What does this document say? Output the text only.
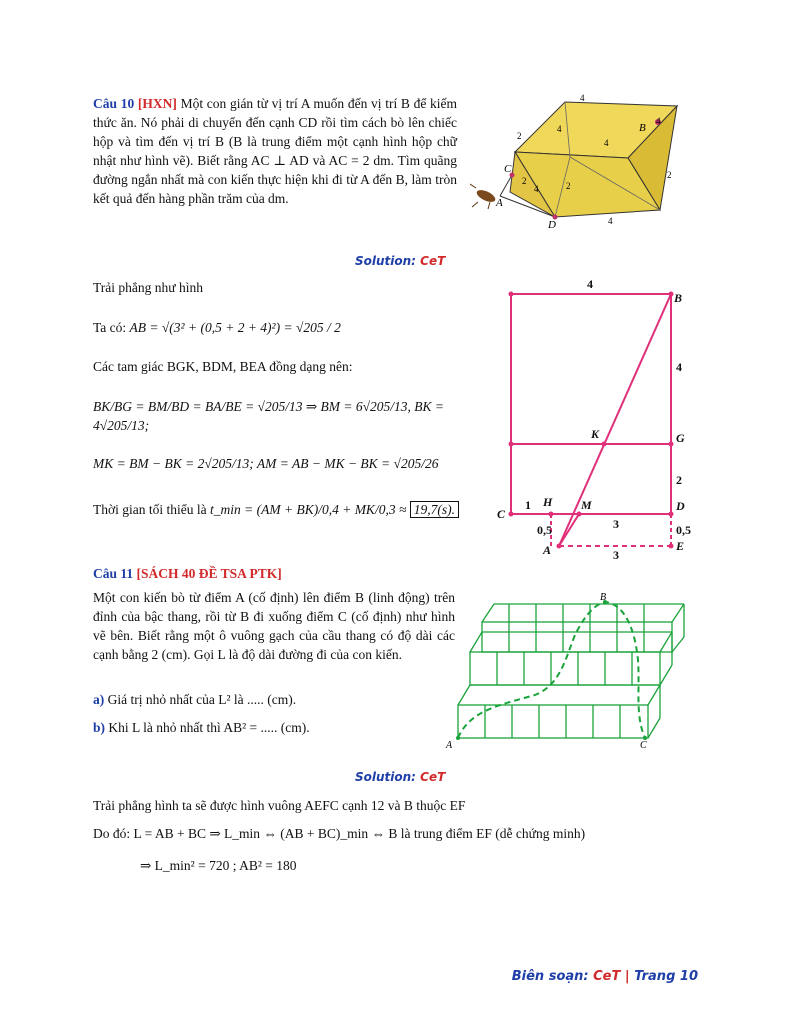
Câu 10 [HXN] Một con gián từ vị trí A muốn đến vị trí B để kiếm thức ăn. Nó phải di chuyển đến cạnh CD rồi tìm cách bò lên chiếc hộp và tìm đến vị trí B (B là trung điểm một cạnh hình hộp chữ nhật như hình vẽ). Biết rằng AC ⊥ AD và AC = 2 dm. Tìm quãng đường ngắn nhất mà con kiến thực hiện khi đi từ A đến B, làm tròn kết quả đến hàng phần trăm của dm.
4
4	B
4
2
4
2
C
A
4	2
2
D	4
Solution: CeT
Trải phẳng như hình
Ta có: AB = √(3² + (0,5 + 2 + 4)²) = √205 / 2
Các tam giác BGK, BDM, BEA đồng dạng nên:
BK/BG = BM/BD = BA/BE = √205/13 ⇒ BM = 6√205/13, BK = 4√205/13;
MK = BM − BK = 2√205/13; AM = AB − MK − BK = √205/26
Thời gian tối thiểu là t_min = (AM + BK)/0,4 + MK/0,3 ≈ 19,7(s).
4
B
4
K	G
2
C
1 H M	D
0,5	3	0,5
A	3
E
Câu 11 [SÁCH 40 ĐỀ TSA PTK]
Một con kiến bò từ điểm A (cố định) lên điểm B (linh động) trên đỉnh của bậc thang, rồi từ B đi xuống điểm C (cố định) như hình vẽ bên. Biết rằng một ô vuông gạch của cầu thang có độ dài các cạnh bằng 2 (cm). Gọi L là độ dài đường đi của con kiến.
a) Giá trị nhỏ nhất của L² là ..... (cm).
b) Khi L là nhỏ nhất thì AB² = ..... (cm).
B
A	C
Solution: CeT
Trải phẳng hình ta sẽ được hình vuông AEFC cạnh 12 và B thuộc EF
Do đó: L = AB + BC ⇒ L_min ⇔ (AB + BC)_min ⇔ B là trung điểm EF (dễ chứng minh)
⇒ L_min² = 720 ; AB² = 180
Biên soạn: CeT | Trang 10
